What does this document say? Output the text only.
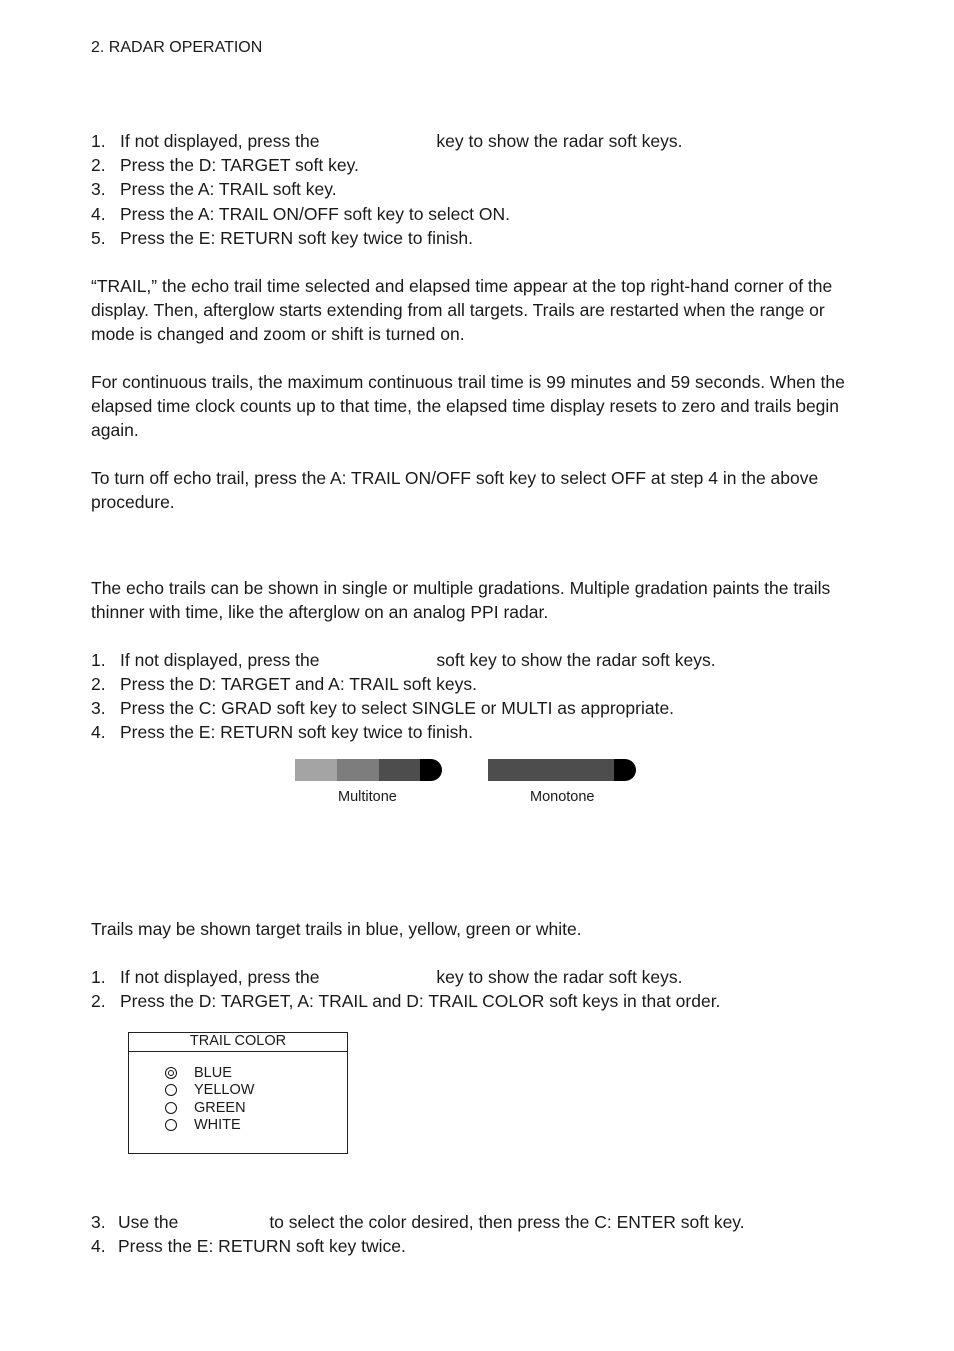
2. RADAR OPERATION
1. If not displayed, press the	key to show the radar soft keys.
2. Press the D: TARGET soft key.
3. Press the A: TRAIL soft key.
4. Press the A: TRAIL ON/OFF soft key to select ON.
5. Press the E: RETURN soft key twice to finish.
“TRAIL,” the echo trail time selected and elapsed time appear at the top right-hand corner of the display. Then, afterglow starts extending from all targets. Trails are restarted when the range or mode is changed and zoom or shift is turned on.
For continuous trails, the maximum continuous trail time is 99 minutes and 59 seconds. When the elapsed time clock counts up to that time, the elapsed time display resets to zero and trails begin again.
To turn off echo trail, press the A: TRAIL ON/OFF soft key to select OFF at step 4 in the above procedure.
The echo trails can be shown in single or multiple gradations. Multiple gradation paints the trails thinner with time, like the afterglow on an analog PPI radar.
1. If not displayed, press the	soft key to show the radar soft keys.
2. Press the D: TARGET and A: TRAIL soft keys.
3. Press the C: GRAD soft key to select SINGLE or MULTI as appropriate.
4. Press the E: RETURN soft key twice to finish.
Multitone	Monotone
Trails may be shown target trails in blue, yellow, green or white.
1. If not displayed, press the	key to show the radar soft keys.
2. Press the D: TARGET, A: TRAIL and D: TRAIL COLOR soft keys in that order.
TRAIL COLOR
BLUE
YELLOW
GREEN
WHITE
3. Use the	to select the color desired, then press the C: ENTER soft key.
4. Press the E: RETURN soft key twice.
